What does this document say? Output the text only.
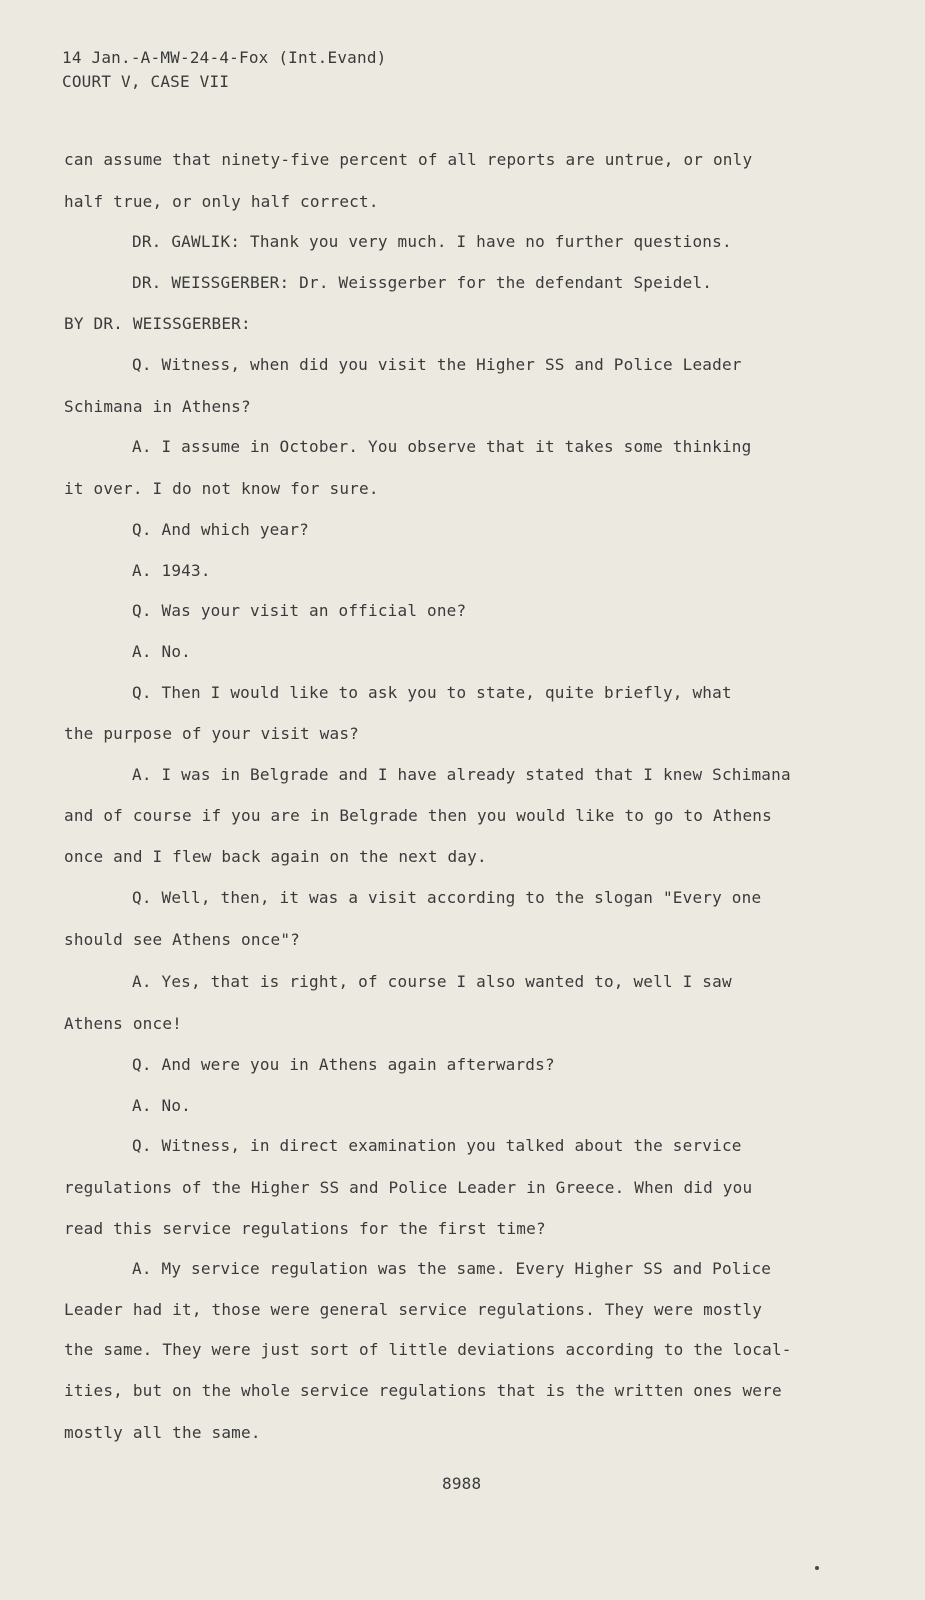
14 Jan.-A-MW-24-4-Fox (Int.Evand)
COURT V, CASE VII
can assume that ninety-five percent of all reports are untrue, or only
half true, or only half correct.
DR. GAWLIK: Thank you very much. I have no further questions.
DR. WEISSGERBER: Dr. Weissgerber for the defendant Speidel.
BY DR. WEISSGERBER:
Q. Witness, when did you visit the Higher SS and Police Leader
Schimana in Athens?
A. I assume in October. You observe that it takes some thinking
it over. I do not know for sure.
Q. And which year?
A. 1943.
Q. Was your visit an official one?
A. No.
Q. Then I would like to ask you to state, quite briefly, what
the purpose of your visit was?
A. I was in Belgrade and I have already stated that I knew Schimana
and of course if you are in Belgrade then you would like to go to Athens
once and I flew back again on the next day.
Q. Well, then, it was a visit according to the slogan "Every one
should see Athens once"?
A. Yes, that is right, of course I also wanted to, well I saw
Athens once!
Q. And were you in Athens again afterwards?
A. No.
Q. Witness, in direct examination you talked about the service
regulations of the Higher SS and Police Leader in Greece. When did you
read this service regulations for the first time?
A. My service regulation was the same. Every Higher SS and Police
Leader had it, those were general service regulations. They were mostly
the same. They were just sort of little deviations according to the local-
ities, but on the whole service regulations that is the written ones were
mostly all the same.
8988
